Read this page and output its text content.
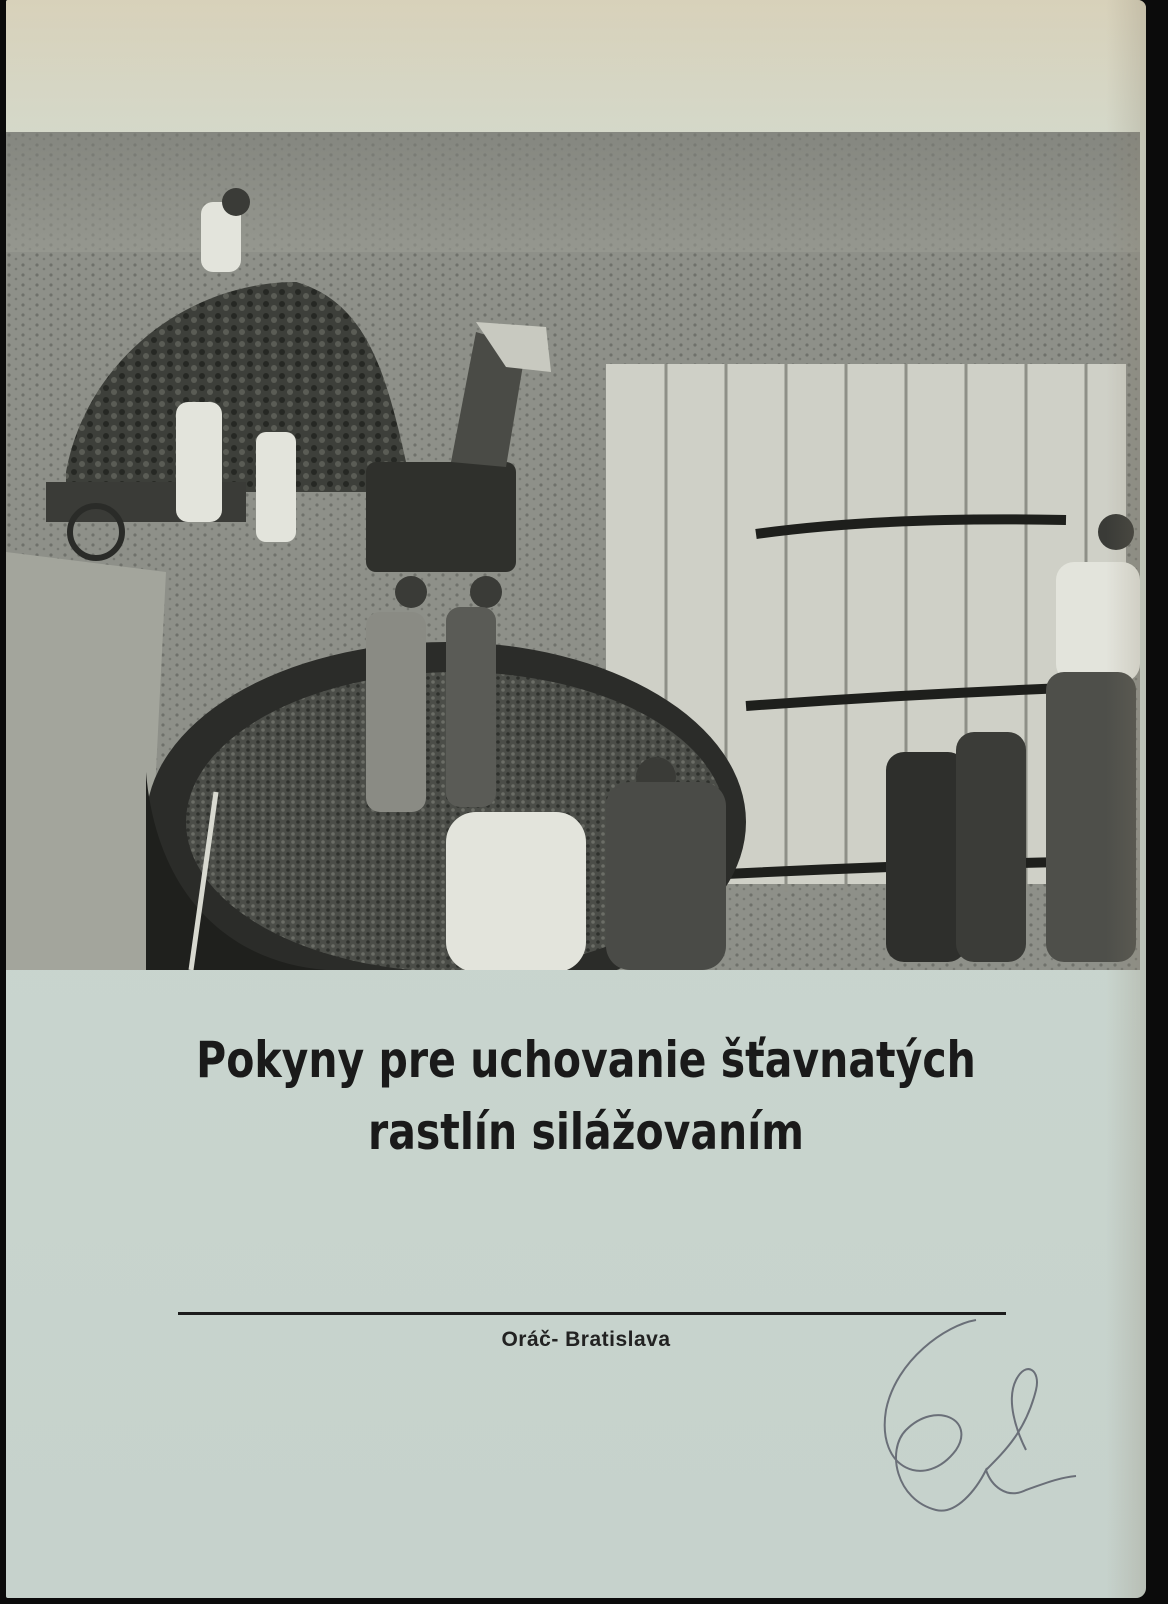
Pokyny pre uchovanie šťavnatých
rastlín silážovaním
Oráč- Bratislava
